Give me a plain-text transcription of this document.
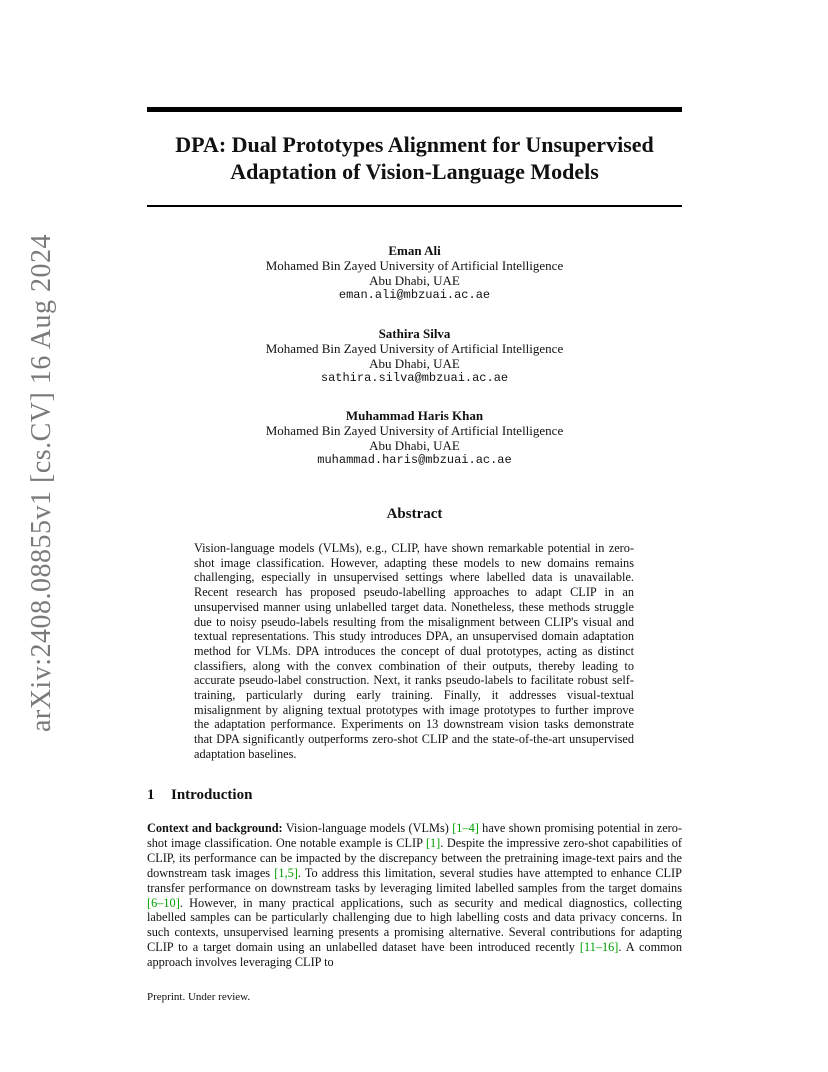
arXiv:2408.08855v1 [cs.CV] 16 Aug 2024
DPA: Dual Prototypes Alignment for Unsupervised
Adaptation of Vision-Language Models
Eman Ali
Mohamed Bin Zayed University of Artificial Intelligence
Abu Dhabi, UAE
eman.ali@mbzuai.ac.ae
Sathira Silva
Mohamed Bin Zayed University of Artificial Intelligence
Abu Dhabi, UAE
sathira.silva@mbzuai.ac.ae
Muhammad Haris Khan
Mohamed Bin Zayed University of Artificial Intelligence
Abu Dhabi, UAE
muhammad.haris@mbzuai.ac.ae
Abstract
Vision-language models (VLMs), e.g., CLIP, have shown remarkable potential in zero-shot image classification. However, adapting these models to new domains remains challenging, especially in unsupervised settings where labelled data is unavailable. Recent research has proposed pseudo-labelling approaches to adapt CLIP in an unsupervised manner using unlabelled target data. Nonetheless, these methods struggle due to noisy pseudo-labels resulting from the misalignment between CLIP's visual and textual representations. This study introduces DPA, an unsupervised domain adaptation method for VLMs. DPA introduces the concept of dual prototypes, acting as distinct classifiers, along with the convex combination of their outputs, thereby leading to accurate pseudo-label construction. Next, it ranks pseudo-labels to facilitate robust self-training, particularly during early training. Finally, it addresses visual-textual misalignment by aligning textual prototypes with image prototypes to further improve the adaptation performance. Experiments on 13 downstream vision tasks demonstrate that DPA significantly outperforms zero-shot CLIP and the state-of-the-art unsupervised adaptation baselines.
1 Introduction
Context and background: Vision-language models (VLMs) [1–4] have shown promising potential in zero-shot image classification. One notable example is CLIP [1]. Despite the impressive zero-shot capabilities of CLIP, its performance can be impacted by the discrepancy between the pretraining image-text pairs and the downstream task images [1,5]. To address this limitation, several studies have attempted to enhance CLIP transfer performance on downstream tasks by leveraging limited labelled samples from the target domains [6–10]. However, in many practical applications, such as security and medical diagnostics, collecting labelled samples can be particularly challenging due to high labelling costs and data privacy concerns. In such contexts, unsupervised learning presents a promising alternative. Several contributions for adapting CLIP to a target domain using an unlabelled dataset have been introduced recently [11–16]. A common approach involves leveraging CLIP to
Preprint. Under review.
